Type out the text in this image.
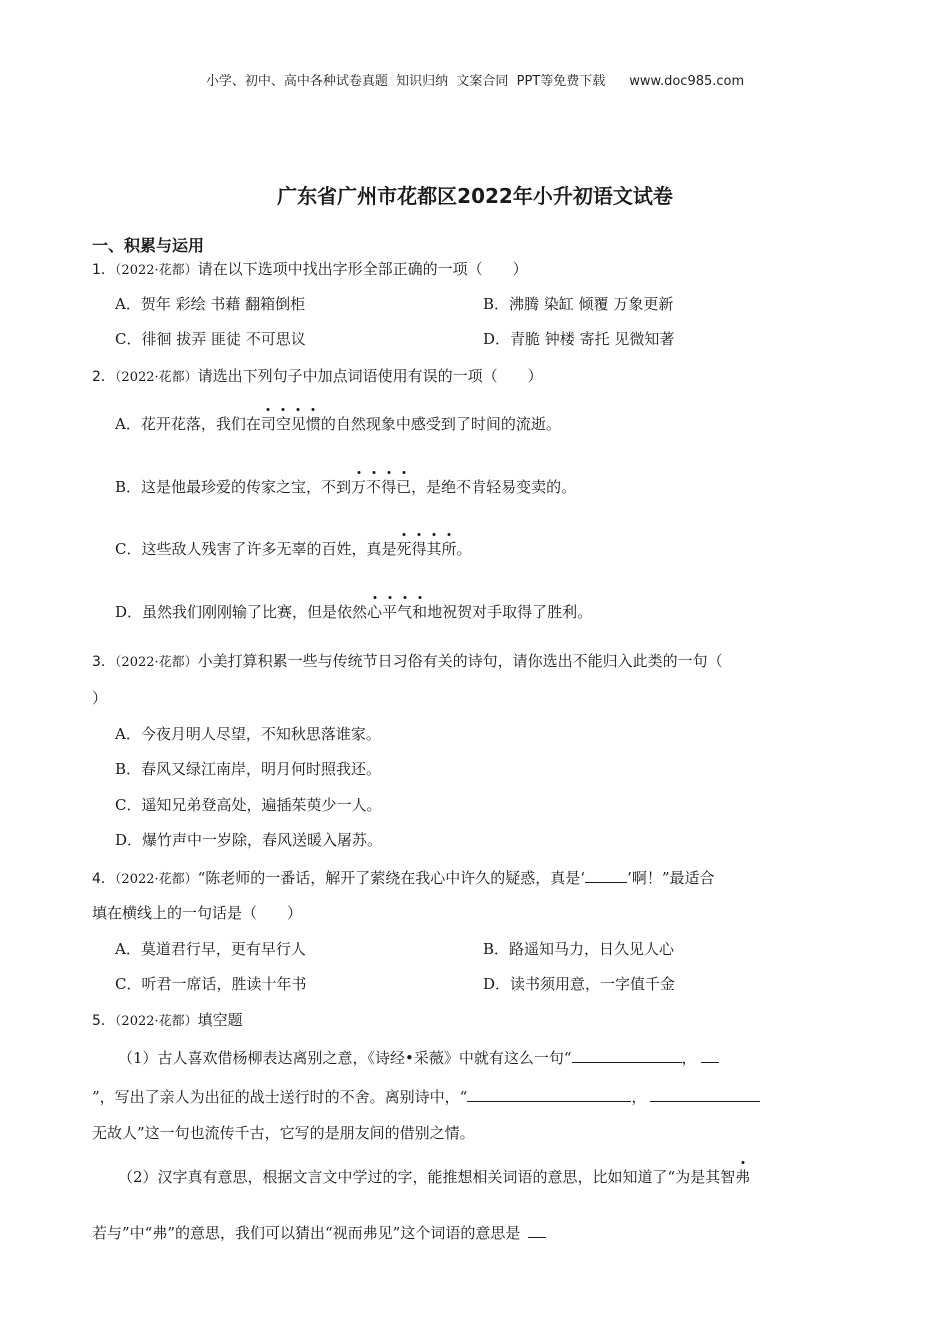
小学、初中、高中各种试卷真题  知识归纳  文案合同  PPT等免费下载 www.doc985.com
广东省广州市花都区2022年小升初语文试卷
一、积累与运用
1．（2022·花都）请在以下选项中找出字形全部正确的一项（　　）
A．贺年 彩绘 书藉 翻箱倒柜	B．沸腾 染缸 倾覆 万象更新
C．徘徊 拔弄 匪徒 不可思议	D．青脆 钟楼 寄托 见微知著
2．（2022·花都）请选出下列句子中加点词语使用有误的一项（　　）
A．花开花落，我们在司空见惯的自然现象中感受到了时间的流逝。
B．这是他最珍爱的传家之宝，不到万不得已，是绝不肯轻易变卖的。
C．这些敌人残害了许多无辜的百姓，真是死得其所。
D．虽然我们刚刚输了比赛，但是依然心平气和地祝贺对手取得了胜利。
3．（2022·花都）小美打算积累一些与传统节日习俗有关的诗句，请你选出不能归入此类的一句（
）
A．今夜月明人尽望，不知秋思落谁家。
B．春风又绿江南岸，明月何时照我还。
C．遥知兄弟登高处，遍插茱萸少一人。
D．爆竹声中一岁除，春风送暖入屠苏。
4．（2022·花都）“陈老师的一番话，解开了萦绕在我心中许久的疑惑，真是‘	’啊！”最适合
填在横线上的一句话是（　　）
A．莫道君行早，更有早行人	B．路遥知马力，日久见人心
C．听君一席话，胜读十年书	D．读书须用意，一字值千金
5．（2022·花都）填空题
（1）古人喜欢借杨柳表达离别之意，《诗经•采薇》中就有这么一句“	，
”，写出了亲人为出征的战士送行时的不舍。离别诗中，“	，
无故人”这一句也流传千古，它写的是朋友间的借别之情。
（2）汉字真有意思，根据文言文中学过的字，能推想相关词语的意思，比如知道了“为是其智弗
若与”中“弗”的意思，我们可以猜出“视而弗见”这个词语的意思是
